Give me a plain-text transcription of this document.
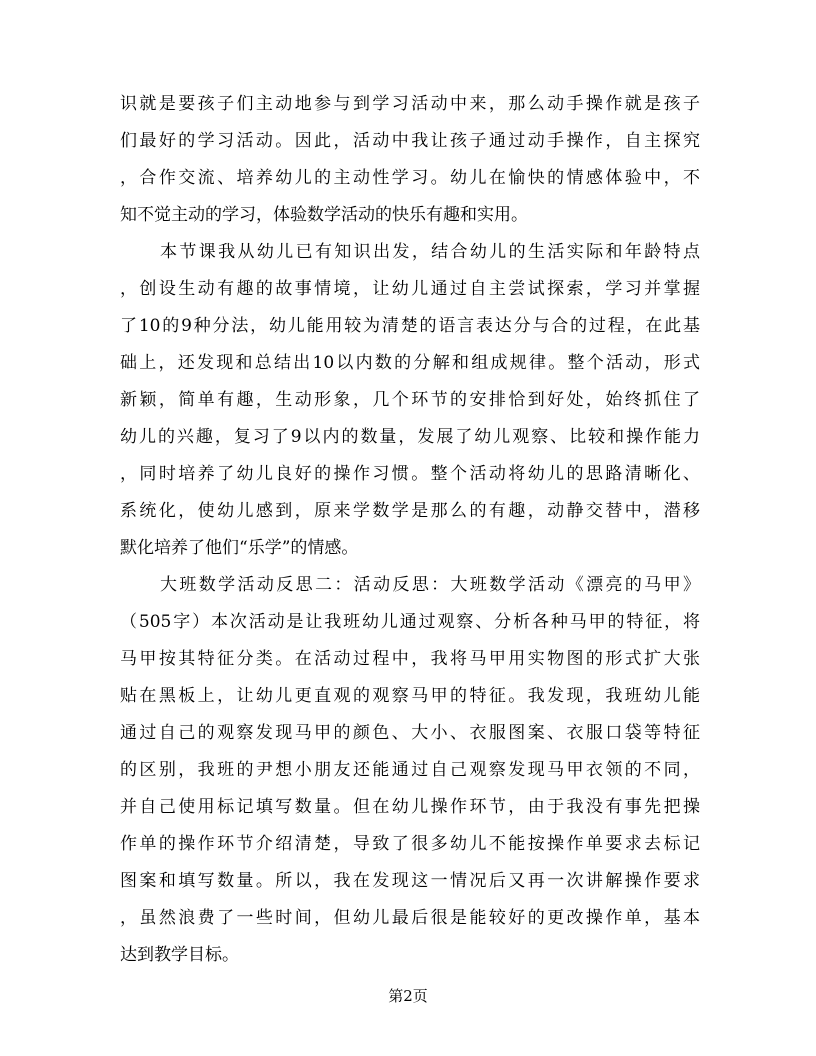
识就是要孩子们主动地参与到学习活动中来，那么动手操作就是孩子
们最好的学习活动。因此，活动中我让孩子通过动手操作，自主探究
，合作交流、培养幼儿的主动性学习。幼儿在愉快的情感体验中，不
知不觉主动的学习，体验数学活动的快乐有趣和实用。
本节课我从幼儿已有知识出发，结合幼儿的生活实际和年龄特点
，创设生动有趣的故事情境，让幼儿通过自主尝试探索，学习并掌握
了10的9种分法，幼儿能用较为清楚的语言表达分与合的过程，在此基
础上，还发现和总结出10以内数的分解和组成规律。整个活动，形式
新颖，简单有趣，生动形象，几个环节的安排恰到好处，始终抓住了
幼儿的兴趣，复习了9以内的数量，发展了幼儿观察、比较和操作能力
，同时培养了幼儿良好的操作习惯。整个活动将幼儿的思路清晰化、
系统化，使幼儿感到，原来学数学是那么的有趣，动静交替中，潜移
默化培养了他们“乐学”的情感。
大班数学活动反思二：活动反思：大班数学活动《漂亮的马甲》
（505字）本次活动是让我班幼儿通过观察、分析各种马甲的特征，将
马甲按其特征分类。在活动过程中，我将马甲用实物图的形式扩大张
贴在黑板上，让幼儿更直观的观察马甲的特征。我发现，我班幼儿能
通过自己的观察发现马甲的颜色、大小、衣服图案、衣服口袋等特征
的区别，我班的尹想小朋友还能通过自己观察发现马甲衣领的不同，
并自己使用标记填写数量。但在幼儿操作环节，由于我没有事先把操
作单的操作环节介绍清楚，导致了很多幼儿不能按操作单要求去标记
图案和填写数量。所以，我在发现这一情况后又再一次讲解操作要求
，虽然浪费了一些时间，但幼儿最后很是能较好的更改操作单，基本
达到教学目标。
第2页
